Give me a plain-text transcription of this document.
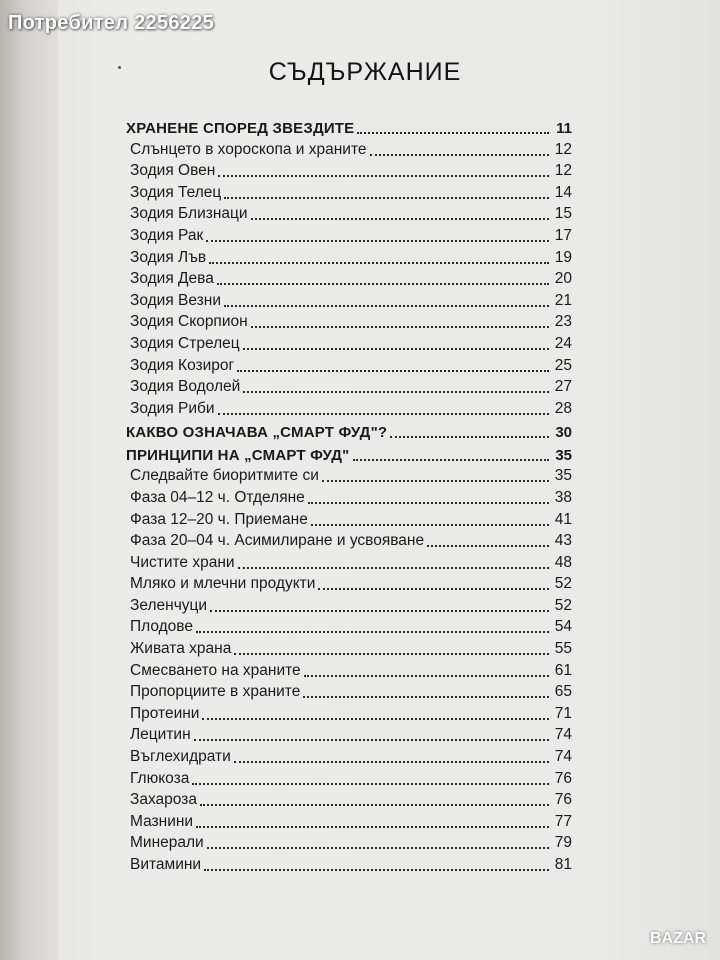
СЪДЪРЖАНИЕ
ХРАНЕНЕ СПОРЕД ЗВЕЗДИТЕ	11
Слънцето в хороскопа и храните	12
Зодия Овен	12
Зодия Телец	14
Зодия Близнаци	15
Зодия Рак	17
Зодия Лъв	19
Зодия Дева	20
Зодия Везни	21
Зодия Скорпион	23
Зодия Стрелец	24
Зодия Козирог	25
Зодия Водолей	27
Зодия Риби	28
КАКВО ОЗНАЧАВА „СМАРТ ФУД"?	30
ПРИНЦИПИ НА „СМАРТ ФУД"	35
Следвайте биоритмите си	35
Фаза 04–12 ч. Отделяне	38
Фаза 12–20 ч. Приемане	41
Фаза 20–04 ч. Асимилиране и усвояване	43
Чистите храни	48
Мляко и млечни продукти	52
Зеленчуци	52
Плодове	54
Живата храна	55
Смесването на храните	61
Пропорциите в храните	65
Протеини	71
Лецитин	74
Въглехидрати	74
Глюкоза	76
Захароза	76
Мазнини	77
Минерали	79
Витамини	81
Потребител 2256225
BAZAR
